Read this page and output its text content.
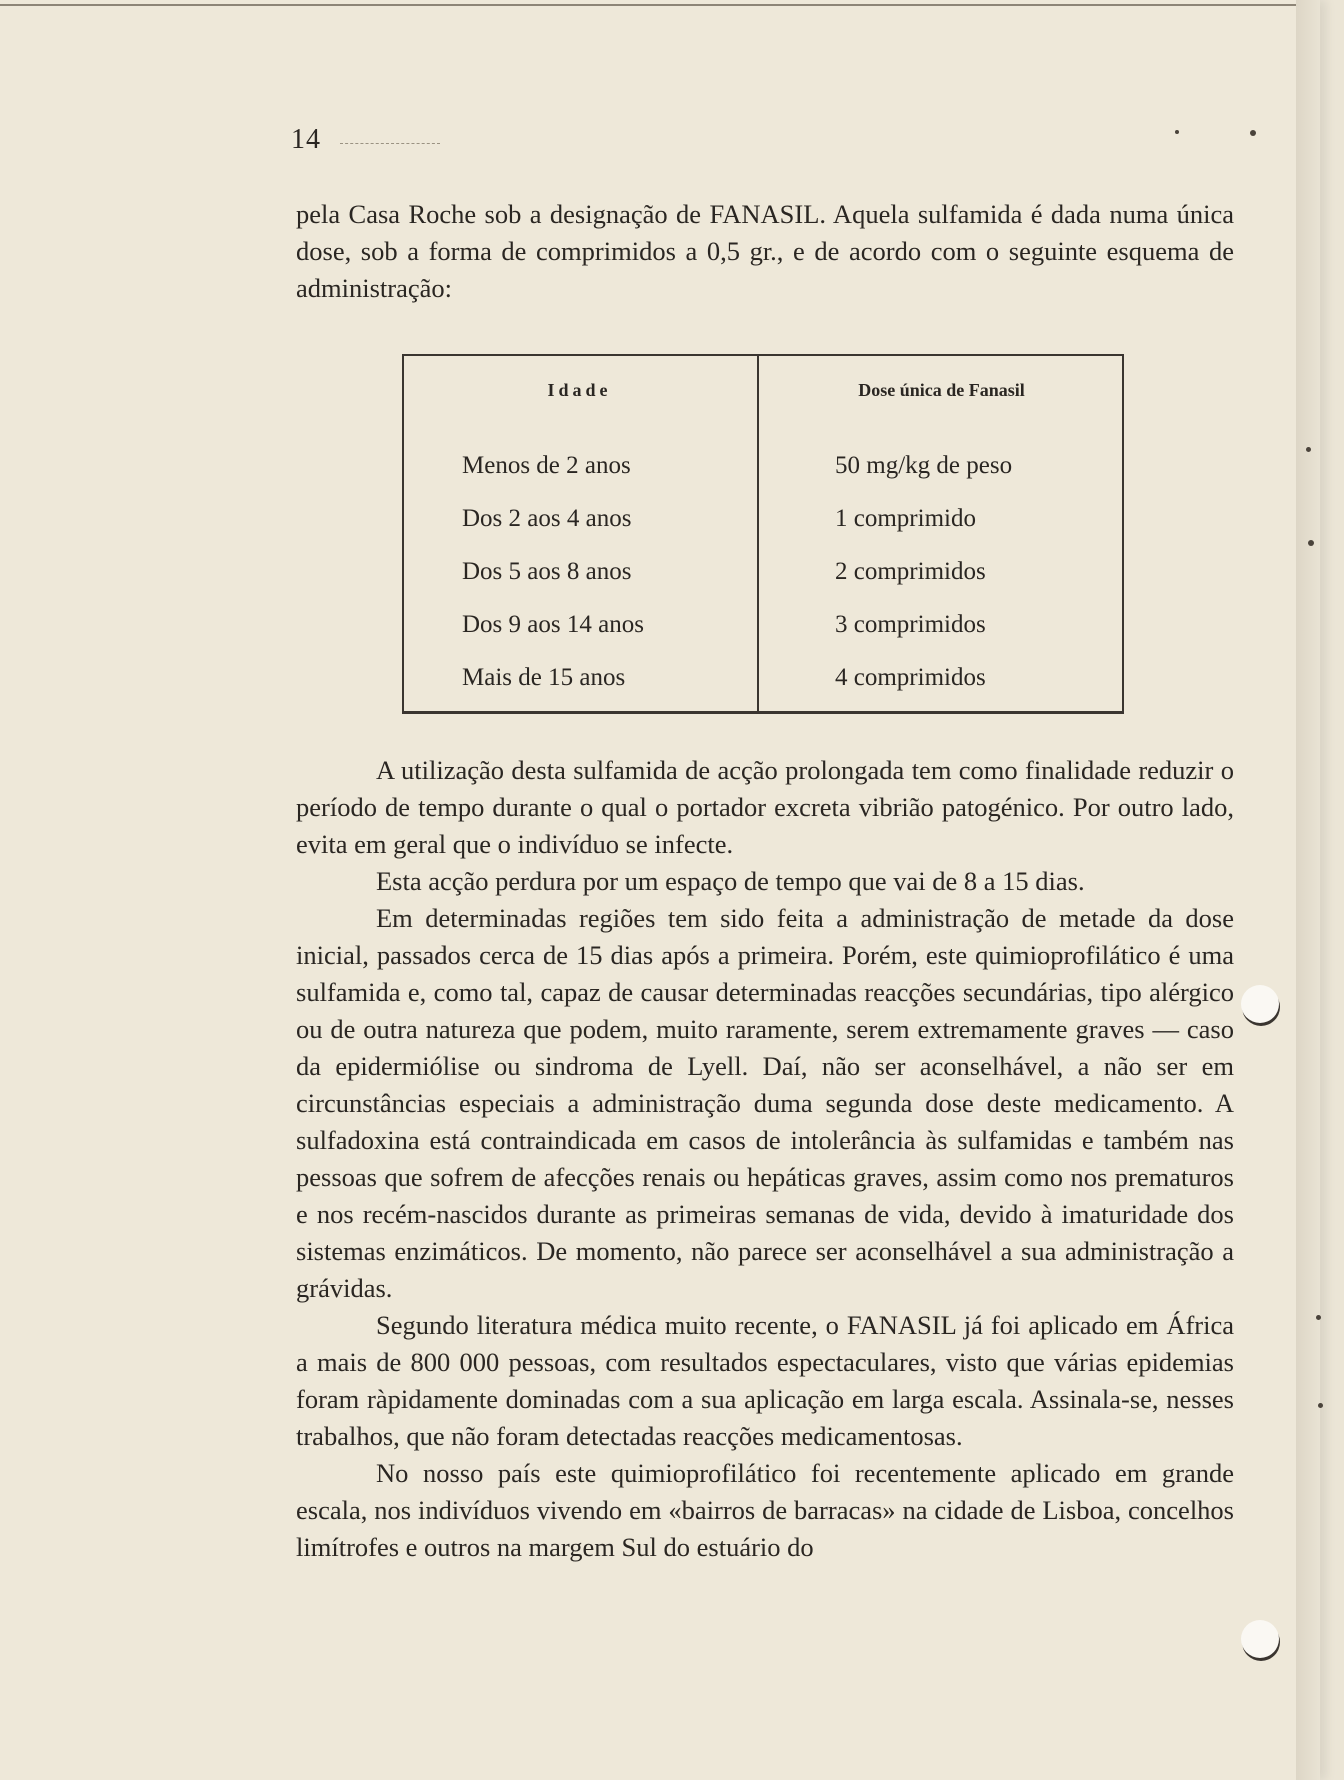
14

pela Casa Roche sob a designação de FANASIL. Aquela sulfamida é dada numa única dose, sob a forma de comprimidos a 0,5 gr., e de acordo com o seguinte esquema de administração:

Idade	Dose única de Fanasil
Menos de 2 anos
Dos 2 aos 4 anos
Dos 5 aos 8 anos
Dos 9 aos 14 anos
Mais de 15 anos
50 mg/kg de peso
1 comprimido
2 comprimidos
3 comprimidos
4 comprimidos

A utilização desta sulfamida de acção prolongada tem como finalidade reduzir o período de tempo durante o qual o portador excreta vibrião patogénico. Por outro lado, evita em geral que o indivíduo se infecte.

Esta acção perdura por um espaço de tempo que vai de 8 a 15 dias.

Em determinadas regiões tem sido feita a administração de metade da dose inicial, passados cerca de 15 dias após a primeira. Porém, este quimioprofilático é uma sulfamida e, como tal, capaz de causar determinadas reacções secundárias, tipo alérgico ou de outra natureza que podem, muito raramente, serem extremamente graves — caso da epidermiólise ou sindroma de Lyell. Daí, não ser aconselhável, a não ser em circunstâncias especiais a administração duma segunda dose deste medicamento. A sulfadoxina está contraindicada em casos de intolerância às sulfamidas e também nas pessoas que sofrem de afecções renais ou hepáticas graves, assim como nos prematuros e nos recém-nascidos durante as primeiras semanas de vida, devido à imaturidade dos sistemas enzimáticos. De momento, não parece ser aconselhável a sua administração a grávidas.

Segundo literatura médica muito recente, o FANASIL já foi aplicado em África a mais de 800 000 pessoas, com resultados espectaculares, visto que várias epidemias foram ràpidamente dominadas com a sua aplicação em larga escala. Assinala-se, nesses trabalhos, que não foram detectadas reacções medicamentosas.

No nosso país este quimioprofilático foi recentemente aplicado em grande escala, nos indivíduos vivendo em «bairros de barracas» na cidade de Lisboa, concelhos limítrofes e outros na margem Sul do estuário do
